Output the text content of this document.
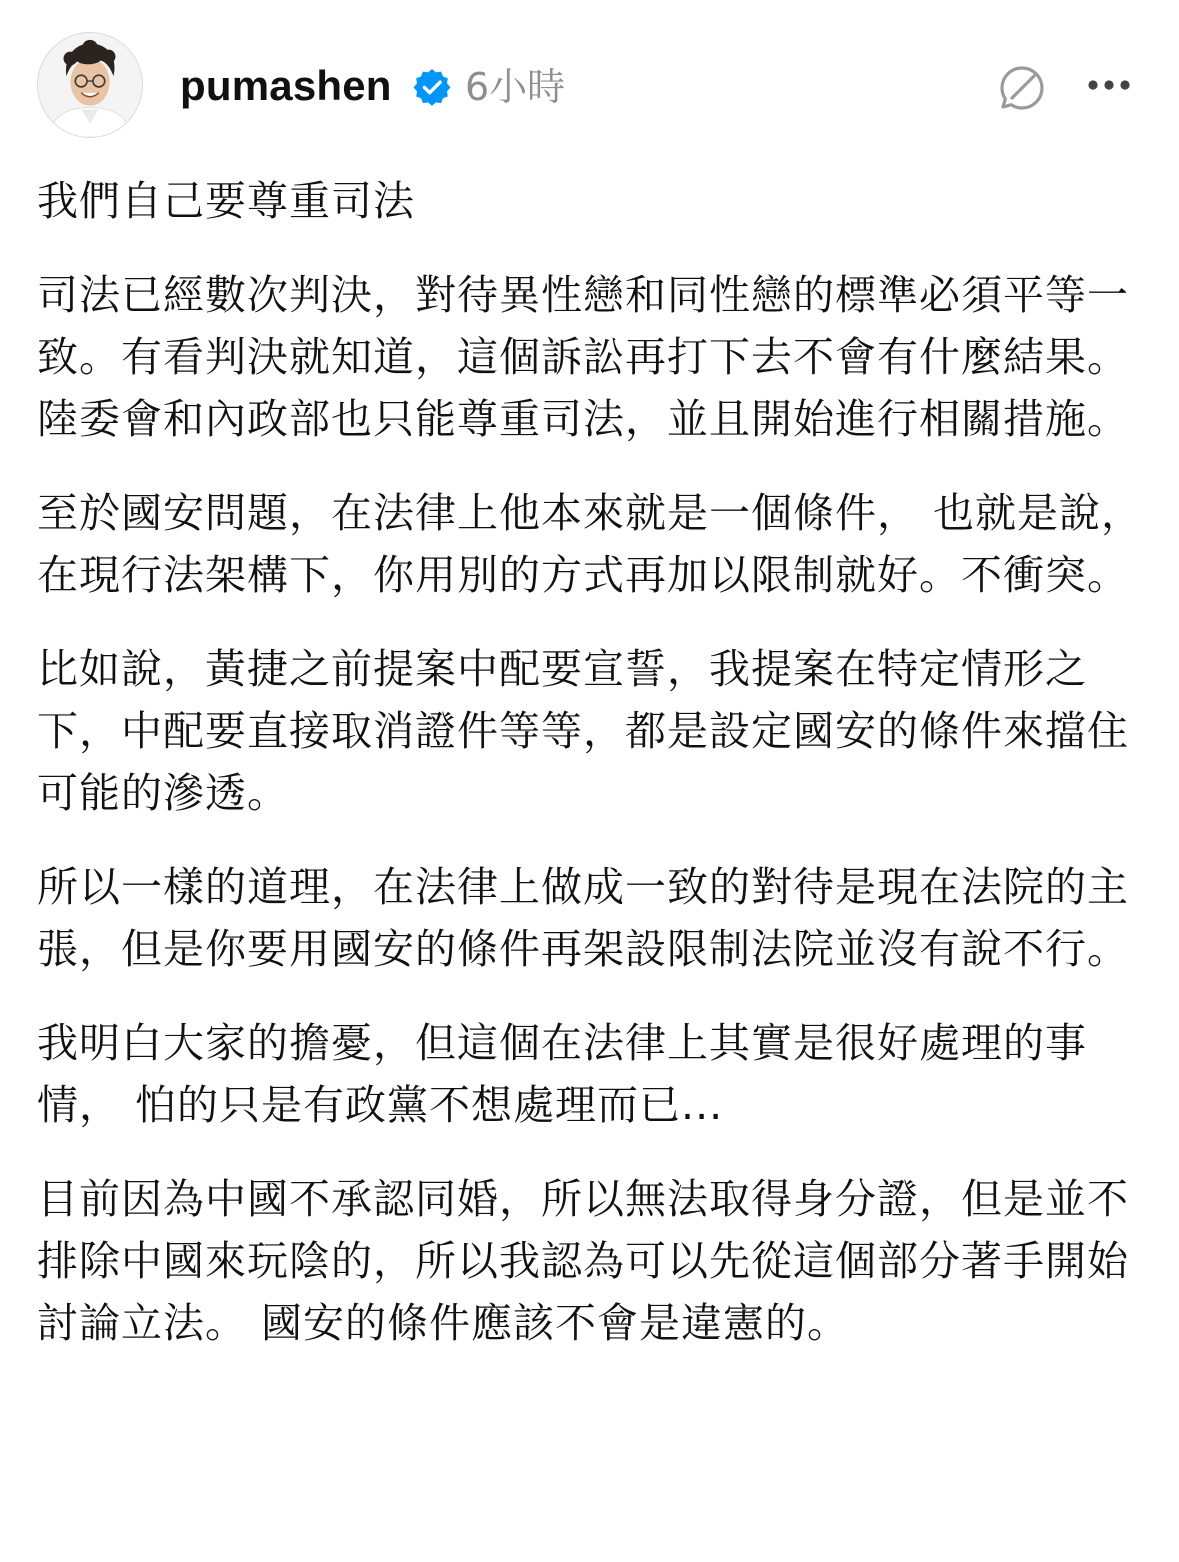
pumashen 6小時

我們自己要尊重司法

司法已經數次判決，對待異性戀和同性戀的標準必須平等一致。有看判決就知道，這個訴訟再打下去不會有什麼結果。陸委會和內政部也只能尊重司法，並且開始進行相關措施。

至於國安問題，在法律上他本來就是一個條件， 也就是說，在現行法架構下，你用別的方式再加以限制就好。不衝突。

比如說，黃捷之前提案中配要宣誓，我提案在特定情形之下，中配要直接取消證件等等，都是設定國安的條件來擋住可能的滲透。

所以一樣的道理，在法律上做成一致的對待是現在法院的主張，但是你要用國安的條件再架設限制法院並沒有說不行。

我明白大家的擔憂，但這個在法律上其實是很好處理的事情， 怕的只是有政黨不想處理而已...

目前因為中國不承認同婚，所以無法取得身分證，但是並不排除中國來玩陰的，所以我認為可以先從這個部分著手開始討論立法。 國安的條件應該不會是違憲的。
